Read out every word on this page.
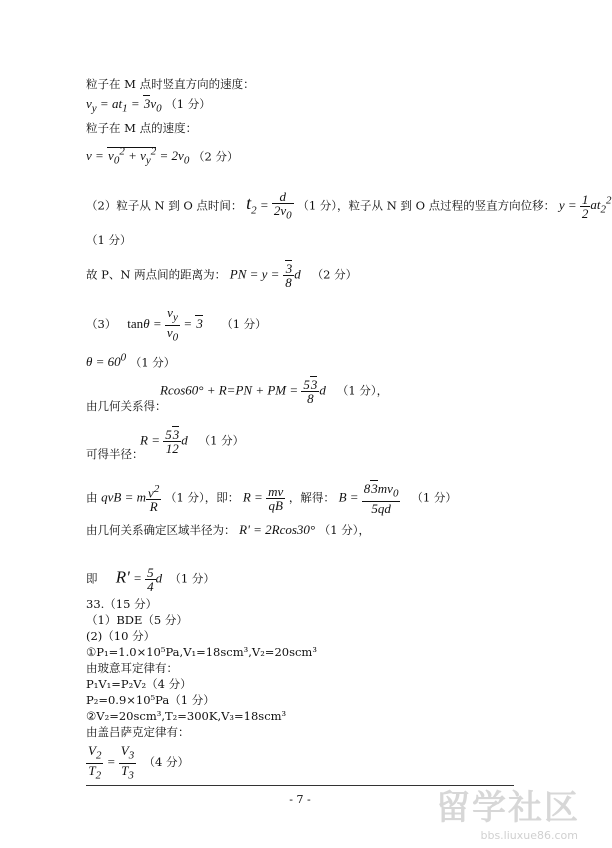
粒子在 M 点时竖直方向的速度：
$v_y = at_1 = 3v_0$ （1 分）
粒子在 M 点的速度：
$v = v_0^2 + v_y^2 = 2v_0$ （2 分）
（2）粒子从 N 到 O 点时间： $t_2 = \frac{d}{2v_0} (1$ 分），粒子从 N 到 O 点过程的竖直方向位移： $y = \frac{1}{2} at_2^2$
（1 分）
故 P、N 两点间的距离为： PN = $y = \frac{3}{8}$ d （2 分）
（3） $\tan\theta = \frac{v_y}{v_0} = 3$ （1 分）
$\theta = 60^0$ （1 分）
由几何关系得：
Rcos60° + R=PN + PM = $\frac{53}{8}$ d （1 分），
可得半径：
$R = \frac{53}{12}$ d （1 分）
由 qvB = m $\frac{v^2}{R} (1$ 分），即： $R = \frac{mv}{qB}$ ，解得： $B = \frac{83mv_0}{5qd} (1$ 分）
由几何关系确定区域半径为： R' = 2Rcos30° （1 分），
即 $R' = \frac{5}{4}$ d （1 分）
33.（15 分）
（1）BDE（5 分）
(2)（10 分）
①P₁=1.0×10⁵Pa,V₁=18scm³,V₂=20scm³
由玻意耳定律有：
P₁V₁=P₂V₂（4 分）
P₂=0.9×10⁵Pa（1 分）
②V₂=20scm³,T₂=300K,V₃=18scm³
由盖吕萨克定律有：
$\frac{V_2}{T_2} = \frac{V_3}{T_3} (4$ 分）
- 7 -	留学社区
bbs.liuxue86.com
